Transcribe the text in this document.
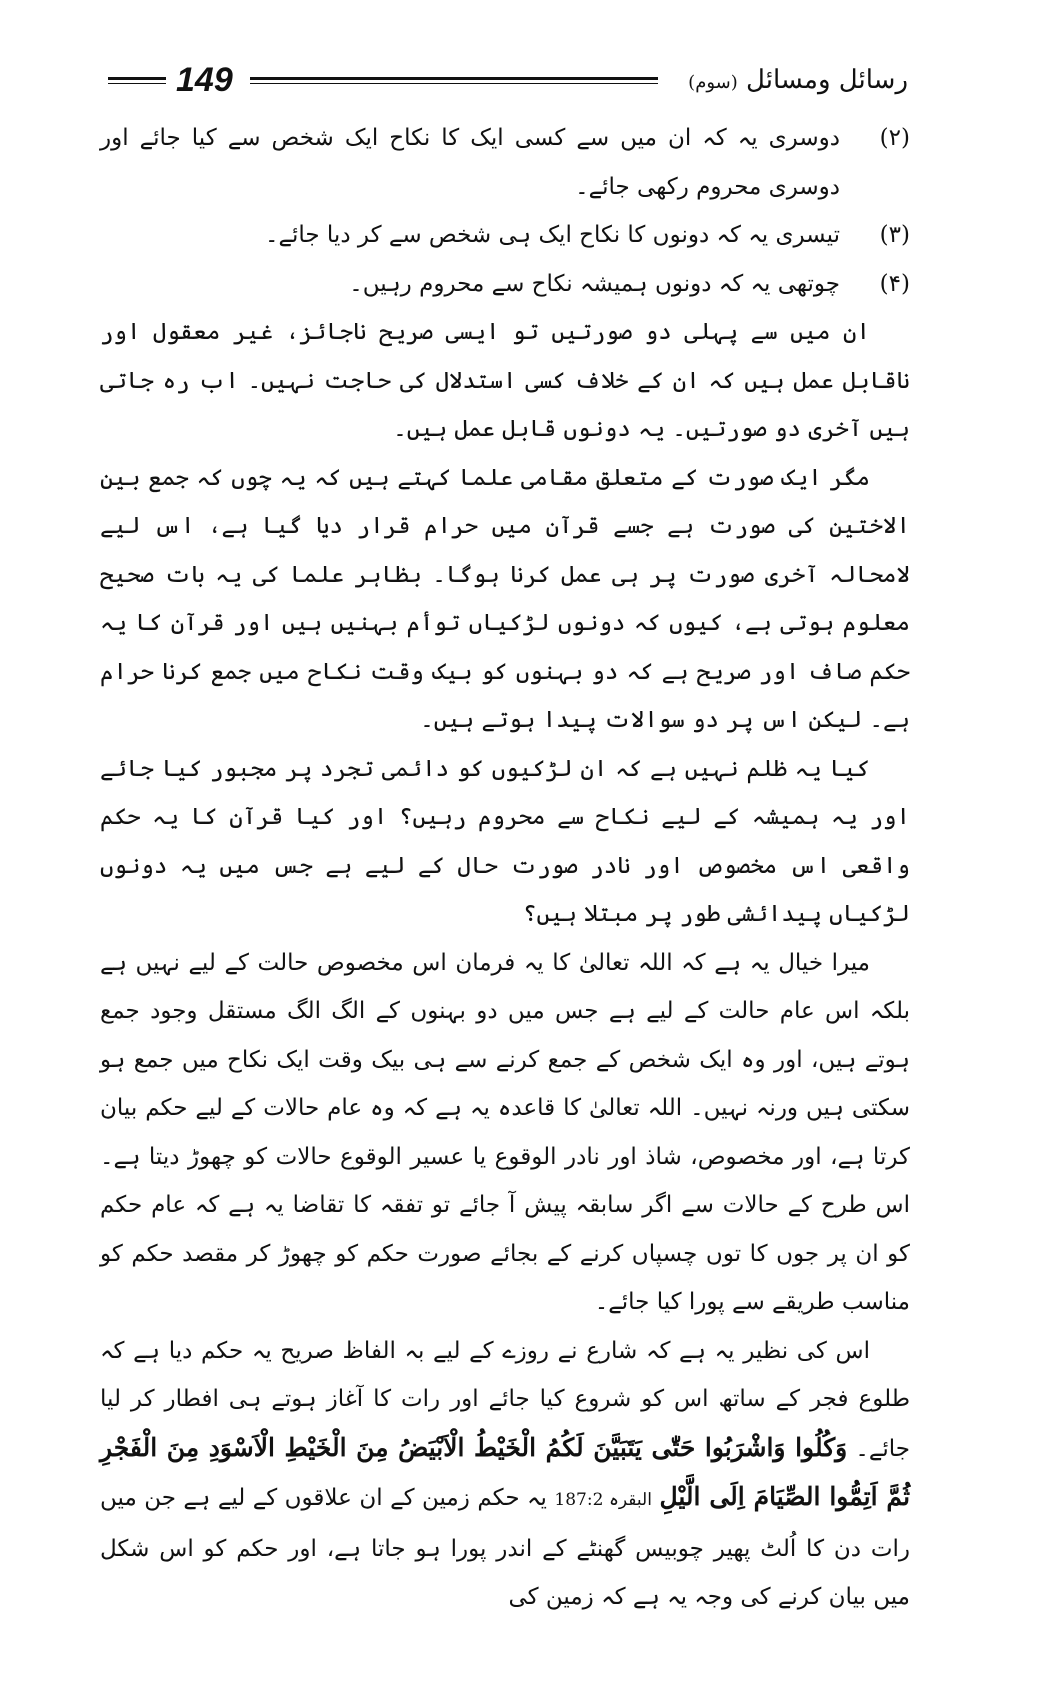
149	رسائل ومسائل (سوم)
(۲)
دوسری یہ کہ ان میں سے کسی ایک کا نکاح ایک شخص سے کیا جائے اور دوسری محروم رکھی جائے۔
(۳)
تیسری یہ کہ دونوں کا نکاح ایک ہی شخص سے کر دیا جائے۔
(۴)
چوتھی یہ کہ دونوں ہمیشہ نکاح سے محروم رہیں۔

ان میں سے پہلی دو صورتیں تو ایسی صریح ناجائز، غیر معقول اور ناقابل عمل ہیں کہ ان کے خلاف کسی استدلال کی حاجت نہیں۔ اب رہ جاتی ہیں آخری دو صورتیں۔ یہ دونوں قابل عمل ہیں۔

مگر ایک صورت کے متعلق مقامی علما کہتے ہیں کہ یہ چوں کہ جمع بین الاختین کی صورت ہے جسے قرآن میں حرام قرار دیا گیا ہے، اس لیے لامحالہ آخری صورت پر ہی عمل کرنا ہوگا۔ بظاہر علما کی یہ بات صحیح معلوم ہوتی ہے، کیوں کہ دونوں لڑکیاں توأم بہنیں ہیں اور قرآن کا یہ حکم صاف اور صریح ہے کہ دو بہنوں کو بیک وقت نکاح میں جمع کرنا حرام ہے۔ لیکن اس پر دو سوالات پیدا ہوتے ہیں۔

کیا یہ ظلم نہیں ہے کہ ان لڑکیوں کو دائمی تجرد پر مجبور کیا جائے اور یہ ہمیشہ کے لیے نکاح سے محروم رہیں؟ اور کیا قرآن کا یہ حکم واقعی اس مخصوص اور نادر صورت حال کے لیے ہے جس میں یہ دونوں لڑکیاں پیدائشی طور پر مبتلا ہیں؟

میرا خیال یہ ہے کہ اللہ تعالیٰ کا یہ فرمان اس مخصوص حالت کے لیے نہیں ہے بلکہ اس عام حالت کے لیے ہے جس میں دو بہنوں کے الگ الگ مستقل وجود جمع ہوتے ہیں، اور وہ ایک شخص کے جمع کرنے سے ہی بیک وقت ایک نکاح میں جمع ہو سکتی ہیں ورنہ نہیں۔ اللہ تعالیٰ کا قاعدہ یہ ہے کہ وہ عام حالات کے لیے حکم بیان کرتا ہے، اور مخصوص، شاذ اور نادر الوقوع یا عسیر الوقوع حالات کو چھوڑ دیتا ہے۔ اس طرح کے حالات سے اگر سابقہ پیش آ جائے تو تفقہ کا تقاضا یہ ہے کہ عام حکم کو ان پر جوں کا توں چسپاں کرنے کے بجائے صورت حکم کو چھوڑ کر مقصد حکم کو مناسب طریقے سے پورا کیا جائے۔

اس کی نظیر یہ ہے کہ شارع نے روزے کے لیے بہ الفاظ صریح یہ حکم دیا ہے کہ طلوع فجر کے ساتھ اس کو شروع کیا جائے اور رات کا آغاز ہوتے ہی افطار کر لیا جائے۔ وَكُلُوا وَاشْرَبُوا حَتّٰى يَتَبَيَّنَ لَكُمُ الْخَيْطُ الْاَبْيَضُ مِنَ الْخَيْطِ الْاَسْوَدِ مِنَ الْفَجْرِ ثُمَّ اَتِمُّوا الصِّيَامَ اِلَى الَّيْلِ البقرہ 187:2 یہ حکم زمین کے ان علاقوں کے لیے ہے جن میں رات دن کا اُلٹ پھیر چوبیس گھنٹے کے اندر پورا ہو جاتا ہے، اور حکم کو اس شکل میں بیان کرنے کی وجہ یہ ہے کہ زمین کی
